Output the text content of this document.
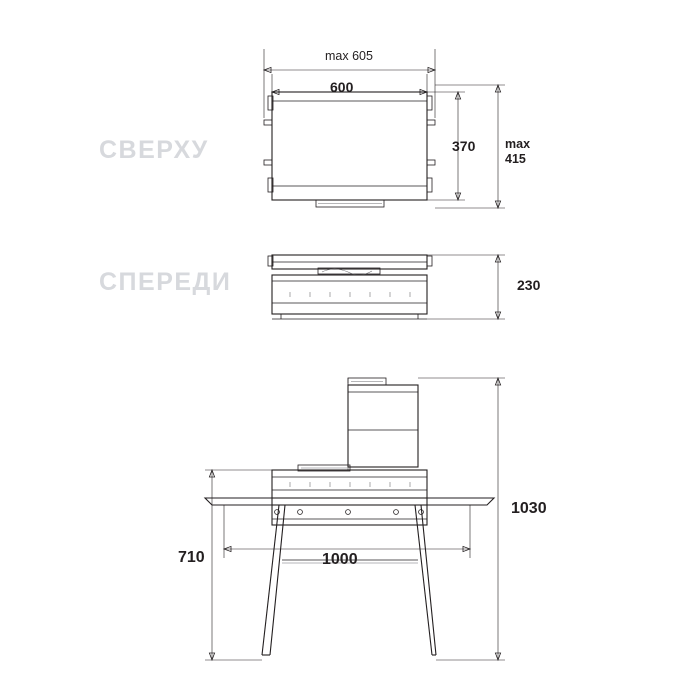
СВЕРХУ
СПЕРЕДИ
max 605
600
370 max
415
230
1030
710	1000
